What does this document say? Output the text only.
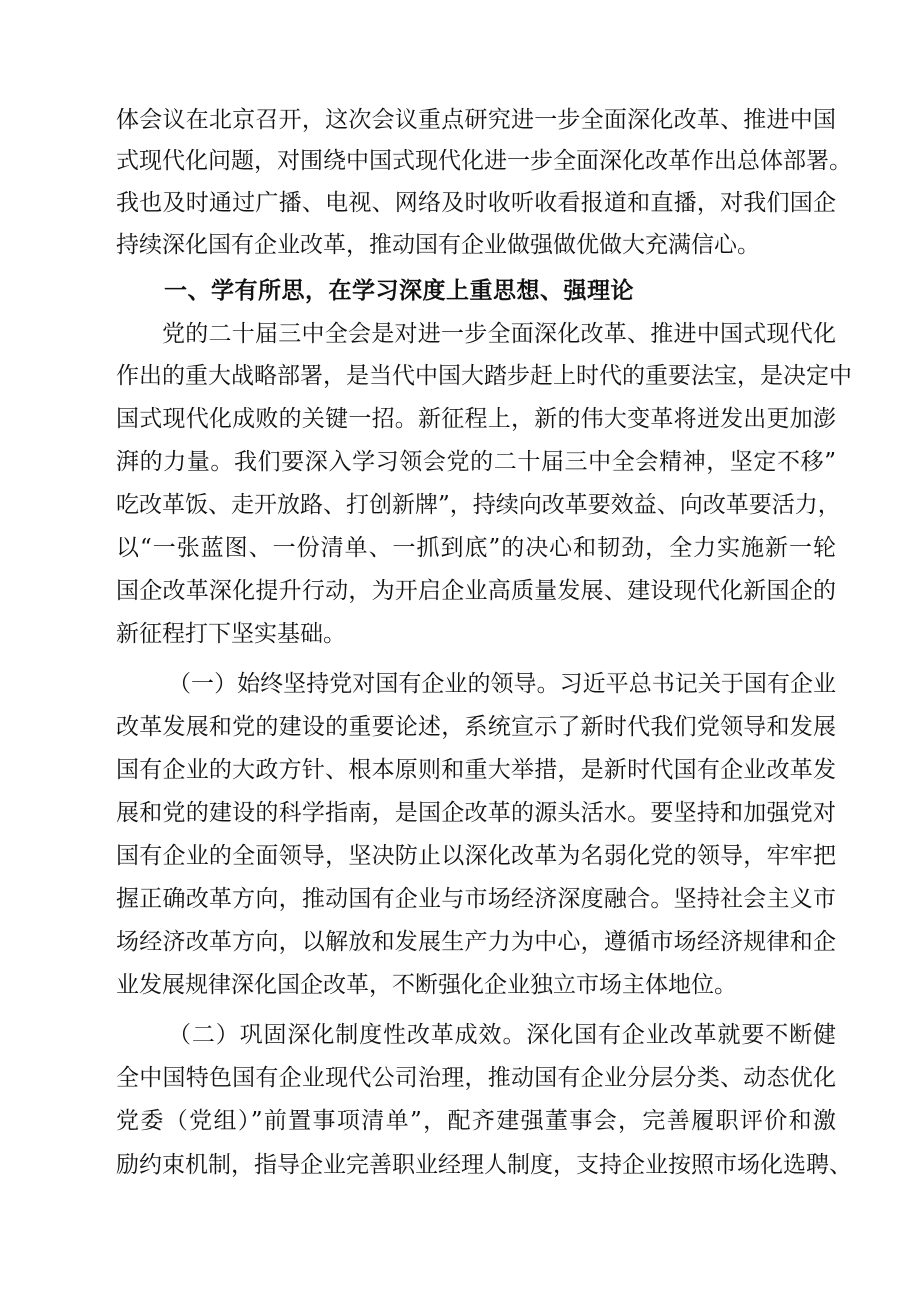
体会议在北京召开，这次会议重点研究进一步全面深化改革、推进中国
式现代化问题，对围绕中国式现代化进一步全面深化改革作出总体部署。
我也及时通过广播、电视、网络及时收听收看报道和直播，对我们国企
持续深化国有企业改革，推动国有企业做强做优做大充满信心。
一、学有所思，在学习深度上重思想、强理论
党的二十届三中全会是对进一步全面深化改革、推进中国式现代化
作出的重大战略部署，是当代中国大踏步赶上时代的重要法宝，是决定中
国式现代化成败的关键一招。新征程上，新的伟大变革将迸发出更加澎
湃的力量。我们要深入学习领会党的二十届三中全会精神，坚定不移”
吃改革饭、走开放路、打创新牌”，持续向改革要效益、向改革要活力，
以“一张蓝图、一份清单、一抓到底”的决心和韧劲，全力实施新一轮
国企改革深化提升行动，为开启企业高质量发展、建设现代化新国企的
新征程打下坚实基础。
（一）始终坚持党对国有企业的领导。习近平总书记关于国有企业
改革发展和党的建设的重要论述，系统宣示了新时代我们党领导和发展
国有企业的大政方针、根本原则和重大举措，是新时代国有企业改革发
展和党的建设的科学指南，是国企改革的源头活水。要坚持和加强党对
国有企业的全面领导，坚决防止以深化改革为名弱化党的领导，牢牢把
握正确改革方向，推动国有企业与市场经济深度融合。坚持社会主义市
场经济改革方向，以解放和发展生产力为中心，遵循市场经济规律和企
业发展规律深化国企改革，不断强化企业独立市场主体地位。
（二）巩固深化制度性改革成效。深化国有企业改革就要不断健
全中国特色国有企业现代公司治理，推动国有企业分层分类、动态优化
党委（党组）”前置事项清单”，配齐建强董事会，完善履职评价和激
励约束机制，指导企业完善职业经理人制度，支持企业按照市场化选聘、
